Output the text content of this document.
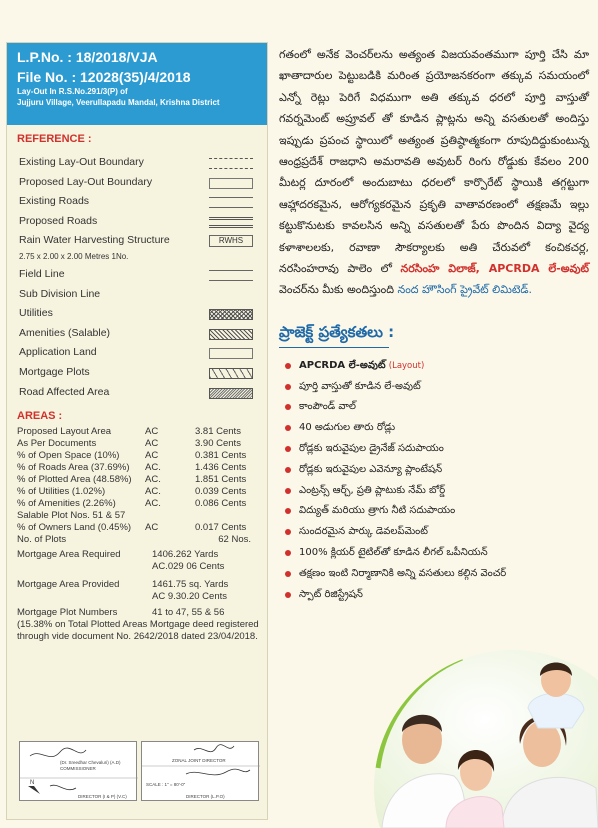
L.P.No. : 18/2018/VJA
File No. : 12028(35)/4/2018
Lay-Out In R.S.No.291/3(P) of
Jujjuru Village, Veerullapadu Mandal, Krishna District
REFERENCE :
Existing Lay-Out Boundary
Proposed Lay-Out Boundary
Existing Roads
Proposed Roads
Rain Water Harvesting Structure	RWHS
2.75 x 2.00 x 2.00 Metres 1No.
Field Line
Sub Division Line
Utilities
Amenities (Salable)
Application Land
Mortgage Plots
Road Affected Area
AREAS :
Proposed Layout Area	AC	3.81 Cents
As Per Documents	AC	3.90 Cents
% of Open Space (10%)	AC	0.381 Cents
% of Roads Area (37.69%) AC.	1.436 Cents
% of Plotted Area (48.58%) AC.	1.851 Cents
% of Utilities (1.02%)	AC.	0.039 Cents
% of Amenities (2.26%)	AC.	0.086 Cents
Salable Plot Nos. 51 & 57
% of Owners Land (0.45%) AC	0.017 Cents
No. of Plots	62 Nos.
Mortgage Area Required	1406.262 Yards
AC.029 06 Cents
Mortgage Area Provided	1461.75 sq. Yards
AC 9.30.20 Cents
Mortgage Plot Numbers	41 to 47, 55 & 56
(15.38% on Total Plotted Areas Mortgage deed registered through vide document No. 2642/2018 dated 23/04/2018.
(Dr. Sreedhar Chevaluri) (A.D)
COMMISSIONER
DIRECTOR (I & P) (V.C)
N
ZONAL JOINT DIRECTOR
SCALE : 1" = 80'-0"
DIRECTOR (L.P.O)

గతంలో అనేక వెంచర్‌లను అత్యంత విజయవంతముగా పూర్తి చేసి మా ఖాతాదారుల పెట్టుబడికి మరింత ప్రయోజనకరంగా తక్కువ సమయంలో ఎన్నో రెట్లు పెరిగే విధముగా అతి తక్కువ ధరలో పూర్తి వాస్తుతో గవర్నమెంట్ అప్రూవల్ తో కూడిన ప్లాట్లను అన్ని వసతులతో అందిస్తు ఇప్పుడు ప్రపంచ స్థాయిలో అత్యంత ప్రతిష్ఠాత్మకంగా రూపుదిద్దుకుంటున్న ఆంధ్రప్రదేశ్ రాజధాని అమరావతి అవుటర్ రింగు రోడ్డుకు కేవలం 200 మీటర్ల దూరంలో అందుబాటు ధరలలో కార్పొరేట్ స్థాయికి తగ్గట్టుగా ఆహ్లాదరకమైన, ఆరోగ్యకరమైన ప్రకృతి వాతావరణంలో తక్షణమే ఇల్లు కట్టుకొనుటకు కావలసిన అన్ని వసతులతో పేరు పొందిన విద్యా వైద్య కళాశాలలకు, రవాణా సౌకర్యాలకు అతి చేరువలో కంచికచర్ల, నరసింహరావు పాలెం లో నరసింహ విలాజ్, APCRDA లే-అవుట్ వెంచర్‌ను మీకు అందిస్తుంది నంద హౌసింగ్ ప్రైవేట్ లిమిటెడ్.

ప్రాజెక్ట్ ప్రత్యేకతలు :
APCRDA లే-అవుట్ (Layout)
పూర్తి వాస్తుతో కూడిన లే-అవుట్
కాంపౌండ్ వాల్
40 అడుగుల తారు రోడ్లు
రోడ్లకు ఇరువైపుల డ్రైనేజ్ సదుపాయం
రోడ్లకు ఇరువైపుల ఎవెన్యూ ప్లాంటేషన్
ఎంట్రన్స్ ఆర్చ్, ప్రతి ప్లాటుకు నేమ్ బోర్డ్
విద్యుత్ మరియు త్రాగు నీటి సదుపాయం
సుందరమైన పార్కు డెవలప్‌మెంట్
100% క్లియర్ టైటిల్‌తో కూడిన లీగల్ ఒపీనియన్
తక్షణం ఇంటి నిర్మాణానికి అన్ని వసతులు కల్గిన వెంచర్
స్పాట్ రిజిస్ట్రేషన్
